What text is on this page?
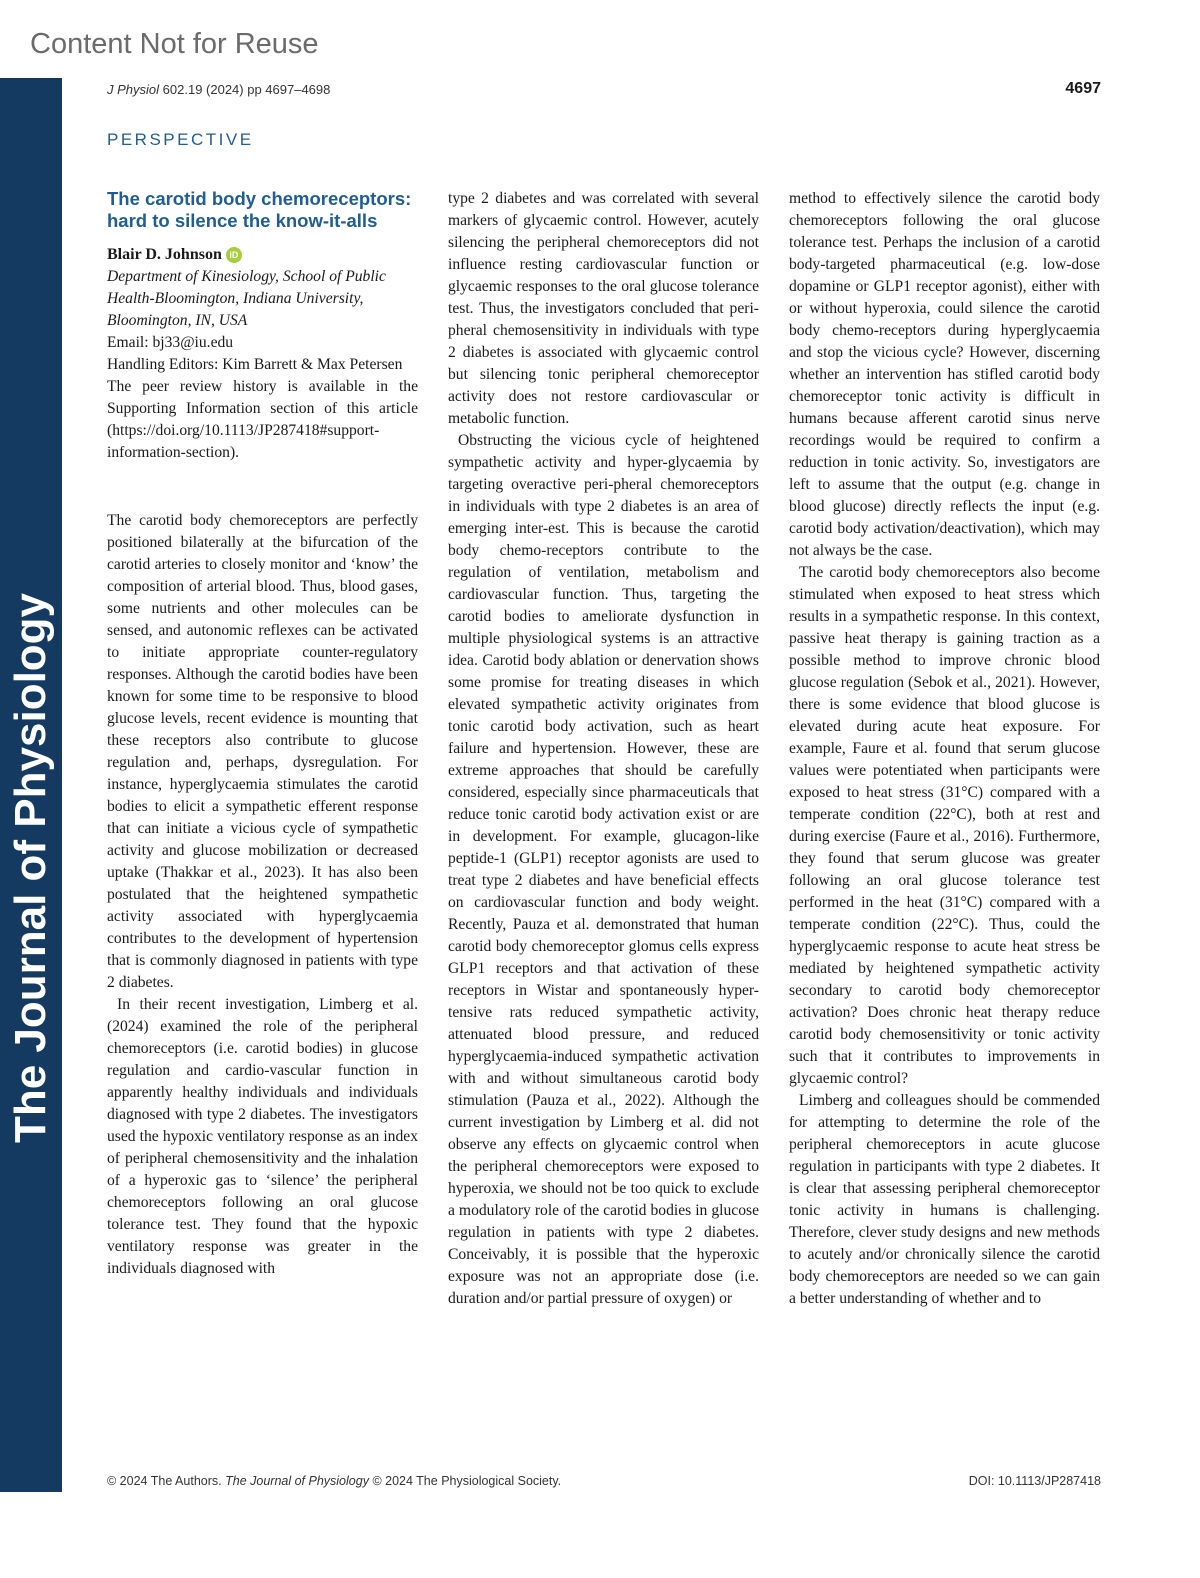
Content Not for Reuse
The Journal of Physiology
J Physiol 602.19 (2024) pp 4697–4698	4697
PERSPECTIVE
The carotid body chemoreceptors: hard to silence the know-it-alls

Blair D. Johnson iD

Department of Kinesiology, School of Public Health-Bloomington, Indiana University, Bloomington, IN, USA

Email: bj33@iu.edu

Handling Editors: Kim Barrett & Max Petersen

The peer review history is available in the Supporting Information section of this article (https://doi.org/10.1113/JP287418#support-information-section).

The carotid body chemoreceptors are perfectly positioned bilaterally at the bifurcation of the carotid arteries to closely monitor and ‘know’ the composition of arterial blood. Thus, blood gases, some nutrients and other molecules can be sensed, and autonomic reflexes can be activated to initiate appropriate counter-regulatory responses. Although the carotid bodies have been known for some time to be responsive to blood glucose levels, recent evidence is mounting that these receptors also contribute to glucose regulation and, perhaps, dysregulation. For instance, hyperglycaemia stimulates the carotid bodies to elicit a sympathetic efferent response that can initiate a vicious cycle of sympathetic activity and glucose mobilization or decreased uptake (Thakkar et al., 2023). It has also been postulated that the heightened sympathetic activity associated with hyperglycaemia contributes to the development of hypertension that is commonly diagnosed in patients with type 2 diabetes.

In their recent investigation, Limberg et al. (2024) examined the role of the peripheral chemoreceptors (i.e. carotid bodies) in glucose regulation and cardio-vascular function in apparently healthy individuals and individuals diagnosed with type 2 diabetes. The investigators used the hypoxic ventilatory response as an index of peripheral chemosensitivity and the inhalation of a hyperoxic gas to ‘silence’ the peripheral chemoreceptors following an oral glucose tolerance test. They found that the hypoxic ventilatory response was greater in the individuals diagnosed with

type 2 diabetes and was correlated with several markers of glycaemic control. However, acutely silencing the peripheral chemoreceptors did not influence resting cardiovascular function or glycaemic responses to the oral glucose tolerance test. Thus, the investigators concluded that peri-pheral chemosensitivity in individuals with type 2 diabetes is associated with glycaemic control but silencing tonic peripheral chemoreceptor activity does not restore cardiovascular or metabolic function.

Obstructing the vicious cycle of heightened sympathetic activity and hyper-glycaemia by targeting overactive peri-pheral chemoreceptors in individuals with type 2 diabetes is an area of emerging inter-est. This is because the carotid body chemo-receptors contribute to the regulation of ventilation, metabolism and cardiovascular function. Thus, targeting the carotid bodies to ameliorate dysfunction in multiple physiological systems is an attractive idea. Carotid body ablation or denervation shows some promise for treating diseases in which elevated sympathetic activity originates from tonic carotid body activation, such as heart failure and hypertension. However, these are extreme approaches that should be carefully considered, especially since pharmaceuticals that reduce tonic carotid body activation exist or are in development. For example, glucagon-like peptide-1 (GLP1) receptor agonists are used to treat type 2 diabetes and have beneficial effects on cardiovascular function and body weight. Recently, Pauza et al. demonstrated that human carotid body chemoreceptor glomus cells express GLP1 receptors and that activation of these receptors in Wistar and spontaneously hyper-tensive rats reduced sympathetic activity, attenuated blood pressure, and reduced hyperglycaemia-induced sympathetic activation with and without simultaneous carotid body stimulation (Pauza et al., 2022). Although the current investigation by Limberg et al. did not observe any effects on glycaemic control when the peripheral chemoreceptors were exposed to hyperoxia, we should not be too quick to exclude a modulatory role of the carotid bodies in glucose regulation in patients with type 2 diabetes. Conceivably, it is possible that the hyperoxic exposure was not an appropriate dose (i.e. duration and/or partial pressure of oxygen) or

method to effectively silence the carotid body chemoreceptors following the oral glucose tolerance test. Perhaps the inclusion of a carotid body-targeted pharmaceutical (e.g. low-dose dopamine or GLP1 receptor agonist), either with or without hyperoxia, could silence the carotid body chemo-receptors during hyperglycaemia and stop the vicious cycle? However, discerning whether an intervention has stifled carotid body chemoreceptor tonic activity is difficult in humans because afferent carotid sinus nerve recordings would be required to confirm a reduction in tonic activity. So, investigators are left to assume that the output (e.g. change in blood glucose) directly reflects the input (e.g. carotid body activation/deactivation), which may not always be the case.

The carotid body chemoreceptors also become stimulated when exposed to heat stress which results in a sympathetic response. In this context, passive heat therapy is gaining traction as a possible method to improve chronic blood glucose regulation (Sebok et al., 2021). However, there is some evidence that blood glucose is elevated during acute heat exposure. For example, Faure et al. found that serum glucose values were potentiated when participants were exposed to heat stress (31°C) compared with a temperate condition (22°C), both at rest and during exercise (Faure et al., 2016). Furthermore, they found that serum glucose was greater following an oral glucose tolerance test performed in the heat (31°C) compared with a temperate condition (22°C). Thus, could the hyperglycaemic response to acute heat stress be mediated by heightened sympathetic activity secondary to carotid body chemoreceptor activation? Does chronic heat therapy reduce carotid body chemosensitivity or tonic activity such that it contributes to improvements in glycaemic control?

Limberg and colleagues should be commended for attempting to determine the role of the peripheral chemoreceptors in acute glucose regulation in participants with type 2 diabetes. It is clear that assessing peripheral chemoreceptor tonic activity in humans is challenging. Therefore, clever study designs and new methods to acutely and/or chronically silence the carotid body chemoreceptors are needed so we can gain a better understanding of whether and to

© 2024 The Authors. The Journal of Physiology © 2024 The Physiological Society.	DOI: 10.1113/JP287418
